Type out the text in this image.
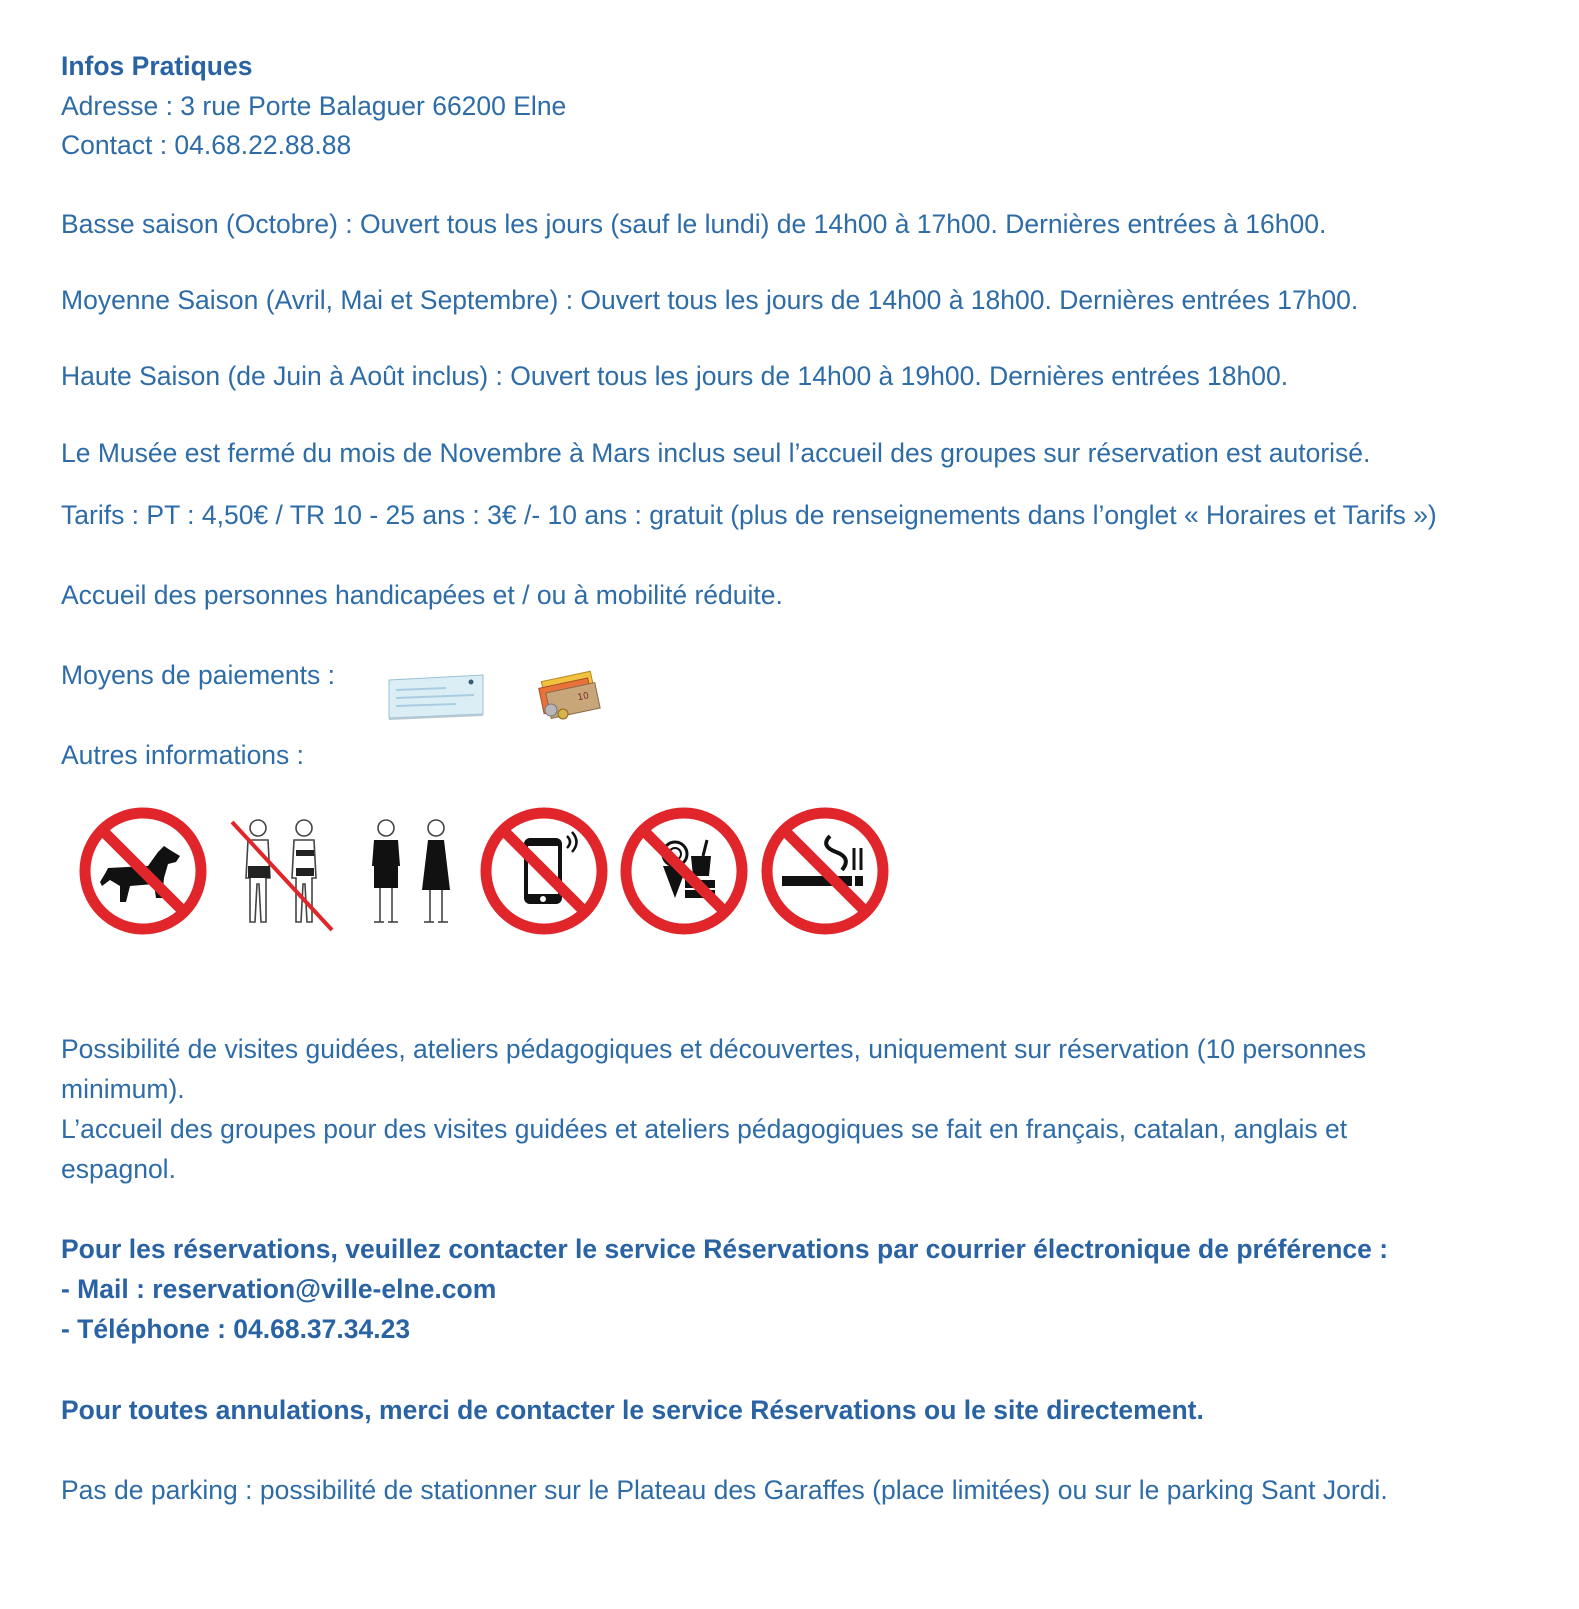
Infos Pratiques

Adresse : 3 rue Porte Balaguer 66200 Elne

Contact : 04.68.22.88.88

Basse saison (Octobre) : Ouvert tous les jours (sauf le lundi) de 14h00 à 17h00. Dernières entrées à 16h00.

Moyenne Saison (Avril, Mai et Septembre) : Ouvert tous les jours de 14h00 à 18h00. Dernières entrées 17h00.

Haute Saison (de Juin à Août inclus) : Ouvert tous les jours de 14h00 à 19h00. Dernières entrées 18h00.

Le Musée est fermé du mois de Novembre à Mars inclus seul l’accueil des groupes sur réservation est autorisé.

Tarifs : PT : 4,50€ / TR 10 - 25 ans : 3€ /- 10 ans : gratuit (plus de renseignements dans l’onglet « Horaires et Tarifs »)

Accueil des personnes handicapées et / ou à mobilité réduite.

Moyens de paiements :

10

Autres informations :

Possibilité de visites guidées, ateliers pédagogiques et découvertes, uniquement sur réservation (10 personnes

minimum).

L’accueil des groupes pour des visites guidées et ateliers pédagogiques se fait en français, catalan, anglais et

espagnol.

Pour les réservations, veuillez contacter le service Réservations par courrier électronique de préférence :

- Mail : reservation@ville-elne.com

- Téléphone : 04.68.37.34.23

Pour toutes annulations, merci de contacter le service Réservations ou le site directement.

Pas de parking : possibilité de stationner sur le Plateau des Garaffes (place limitées) ou sur le parking Sant Jordi.
